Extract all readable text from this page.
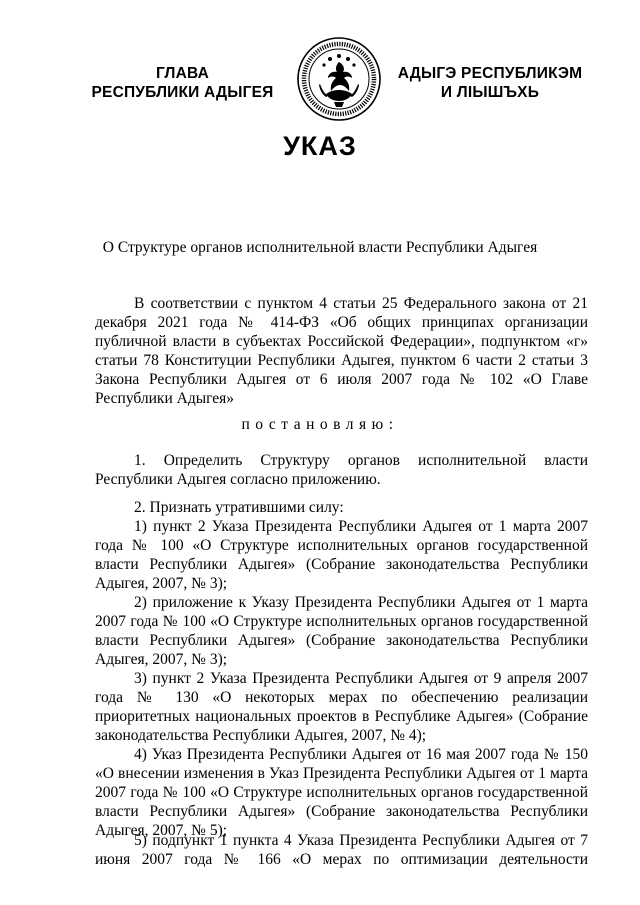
ГЛАВА
РЕСПУБЛИКИ АДЫГЕЯ
АДЫГЭ РЕСПУБЛИКЭМ
И ЛІЫШЪХЬ
УКАЗ
О Структуре органов исполнительной власти Республики Адыгея

В соответствии с пунктом 4 статьи 25 Федерального закона от 21 декабря 2021 года № 414-ФЗ «Об общих принципах организации публичной власти в субъектах Российской Федерации», подпунктом «г» статьи 78 Конституции Республики Адыгея, пунктом 6 части 2 статьи 3 Закона Республики Адыгея от 6 июля 2007 года № 102 «О Главе Республики Адыгея»

постановляю:

1. Определить Структуру органов исполнительной власти Республики Адыгея согласно приложению.

2. Признать утратившими силу:

1) пункт 2 Указа Президента Республики Адыгея от 1 марта 2007 года № 100 «О Структуре исполнительных органов государственной власти Республики Адыгея» (Собрание законодательства Республики Адыгея, 2007, № 3);

2) приложение к Указу Президента Республики Адыгея от 1 марта 2007 года № 100 «О Структуре исполнительных органов государственной власти Республики Адыгея» (Собрание законодательства Республики Адыгея, 2007, № 3);

3) пункт 2 Указа Президента Республики Адыгея от 9 апреля 2007 года № 130 «О некоторых мерах по обеспечению реализации приоритетных национальных проектов в Республике Адыгея» (Собрание законодательства Республики Адыгея, 2007, № 4);

4) Указ Президента Республики Адыгея от 16 мая 2007 года № 150 «О внесении изменения в Указ Президента Республики Адыгея от 1 марта 2007 года № 100 «О Структуре исполнительных органов государственной власти Республики Адыгея» (Собрание законодательства Республики Адыгея, 2007, № 5);

5) подпункт 1 пункта 4 Указа Президента Республики Адыгея от 7 июня 2007 года № 166 «О мерах по оптимизации деятельности
